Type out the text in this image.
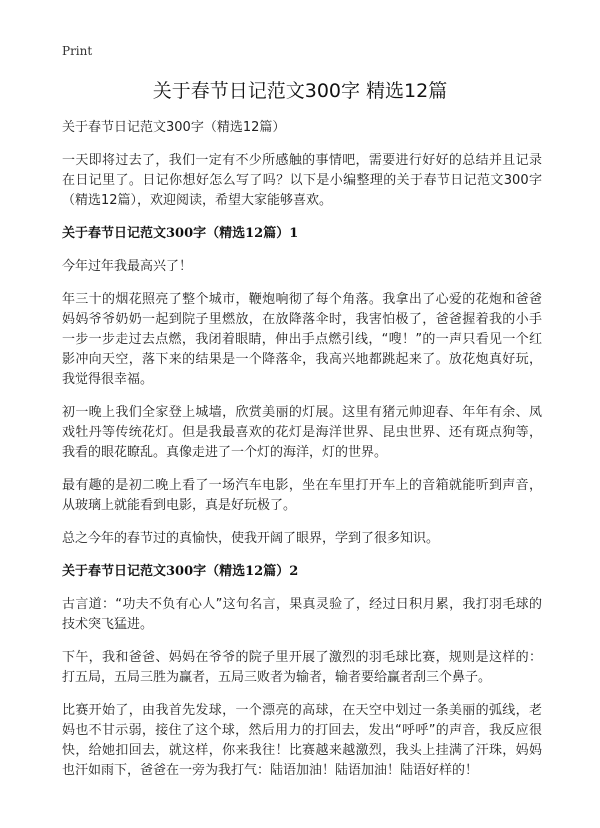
Print
关于春节日记范文300字 精选12篇

关于春节日记范文300字（精选12篇）

一天即将过去了，我们一定有不少所感触的事情吧，需要进行好好的总结并且记录在日记里了。日记你想好怎么写了吗？以下是小编整理的关于春节日记范文300字（精选12篇），欢迎阅读，希望大家能够喜欢。

关于春节日记范文300字（精选12篇）1

今年过年我最高兴了！

年三十的烟花照亮了整个城市，鞭炮响彻了每个角落。我拿出了心爱的花炮和爸爸妈妈爷爷奶奶一起到院子里燃放，在放降落伞时，我害怕极了，爸爸握着我的小手一步一步走过去点燃，我闭着眼睛，伸出手点燃引线，“嗖！”的一声只看见一个红影冲向天空，落下来的结果是一个降落伞，我高兴地都跳起来了。放花炮真好玩，我觉得很幸福。

初一晚上我们全家登上城墙，欣赏美丽的灯展。这里有猪元帅迎春、年年有余、凤戏牡丹等传统花灯。但是我最喜欢的花灯是海洋世界、昆虫世界、还有斑点狗等，我看的眼花瞭乱。真像走进了一个灯的海洋，灯的世界。

最有趣的是初二晚上看了一场汽车电影，坐在车里打开车上的音箱就能听到声音，从玻璃上就能看到电影，真是好玩极了。

总之今年的春节过的真愉快，使我开阔了眼界，学到了很多知识。

关于春节日记范文300字（精选12篇）2

古言道：“功夫不负有心人”这句名言，果真灵验了，经过日积月累，我打羽毛球的技术突飞猛进。

下午，我和爸爸、妈妈在爷爷的院子里开展了激烈的羽毛球比赛，规则是这样的：打五局，五局三胜为赢者，五局三败者为输者，输者要给赢者刮三个鼻子。

比赛开始了，由我首先发球，一个漂亮的高球，在天空中划过一条美丽的弧线，老妈也不甘示弱，接住了这个球，然后用力的打回去，发出“呼呼”的声音，我反应很快，给她扣回去，就这样，你来我往！比赛越来越激烈，我头上挂满了汗珠，妈妈也汗如雨下，爸爸在一旁为我打气：陆语加油！陆语加油！陆语好样的！
